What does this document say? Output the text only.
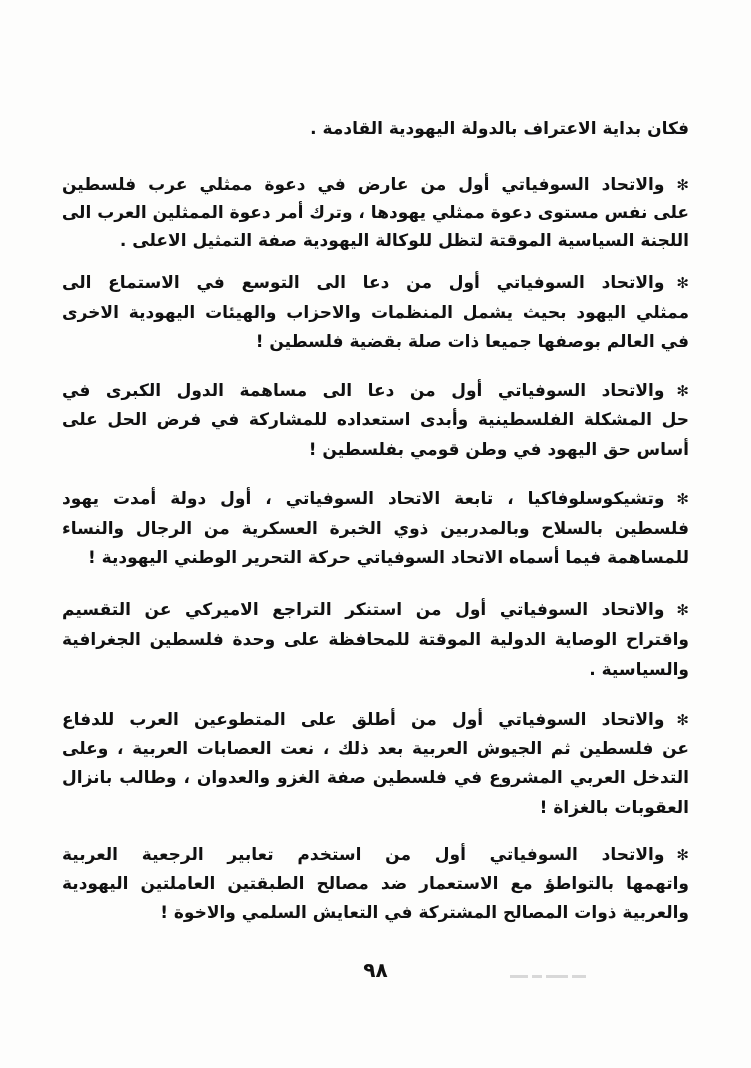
فكان بداية الاعتراف بالدولة اليهودية القادمة .
✻والاتحاد السوفياتي أول من عارض في دعوة ممثلي عرب فلسطين
على نفس مستوى دعوة ممثلي يهودها ، وترك أمر دعوة الممثلين العرب الى
اللجنة السياسية الموقتة لتظل للوكالة اليهودية صفة التمثيل الاعلى .
✻والاتحاد السوفياتي أول من دعا الى التوسع في الاستماع الى
ممثلي اليهود بحيث يشمل المنظمات والاحزاب والهيئات اليهودية الاخرى
في العالم بوصفها جميعا ذات صلة بقضية فلسطين !
✻والاتحاد السوفياتي أول من دعا الى مساهمة الدول الكبرى في
حل المشكلة الفلسطينية وأبدى استعداده للمشاركة في فرض الحل على
أساس حق اليهود في وطن قومي بفلسطين !
✻وتشيكوسلوفاكيا ، تابعة الاتحاد السوفياتي ، أول دولة أمدت يهود
فلسطين بالسلاح وبالمدربين ذوي الخبرة العسكرية من الرجال والنساء
للمساهمة فيما أسماه الاتحاد السوفياتي حركة التحرير الوطني اليهودية !
✻والاتحاد السوفياتي أول من استنكر التراجع الاميركي عن التقسيم
واقتراح الوصاية الدولية الموقتة للمحافظة على وحدة فلسطين الجغرافية
والسياسية .
✻والاتحاد السوفياتي أول من أطلق على المتطوعين العرب للدفاع
عن فلسطين ثم الجيوش العربية بعد ذلك ، نعت العصابات العربية ، وعلى
التدخل العربي المشروع في فلسطين صفة الغزو والعدوان ، وطالب بانزال
العقوبات بالغزاة !
✻والاتحاد السوفياتي أول من استخدم تعابير الرجعية العربية
واتهمها بالتواطؤ مع الاستعمار ضد مصالح الطبقتين العاملتين اليهودية
والعربية ذوات المصالح المشتركة في التعايش السلمي والاخوة !
٩٨
